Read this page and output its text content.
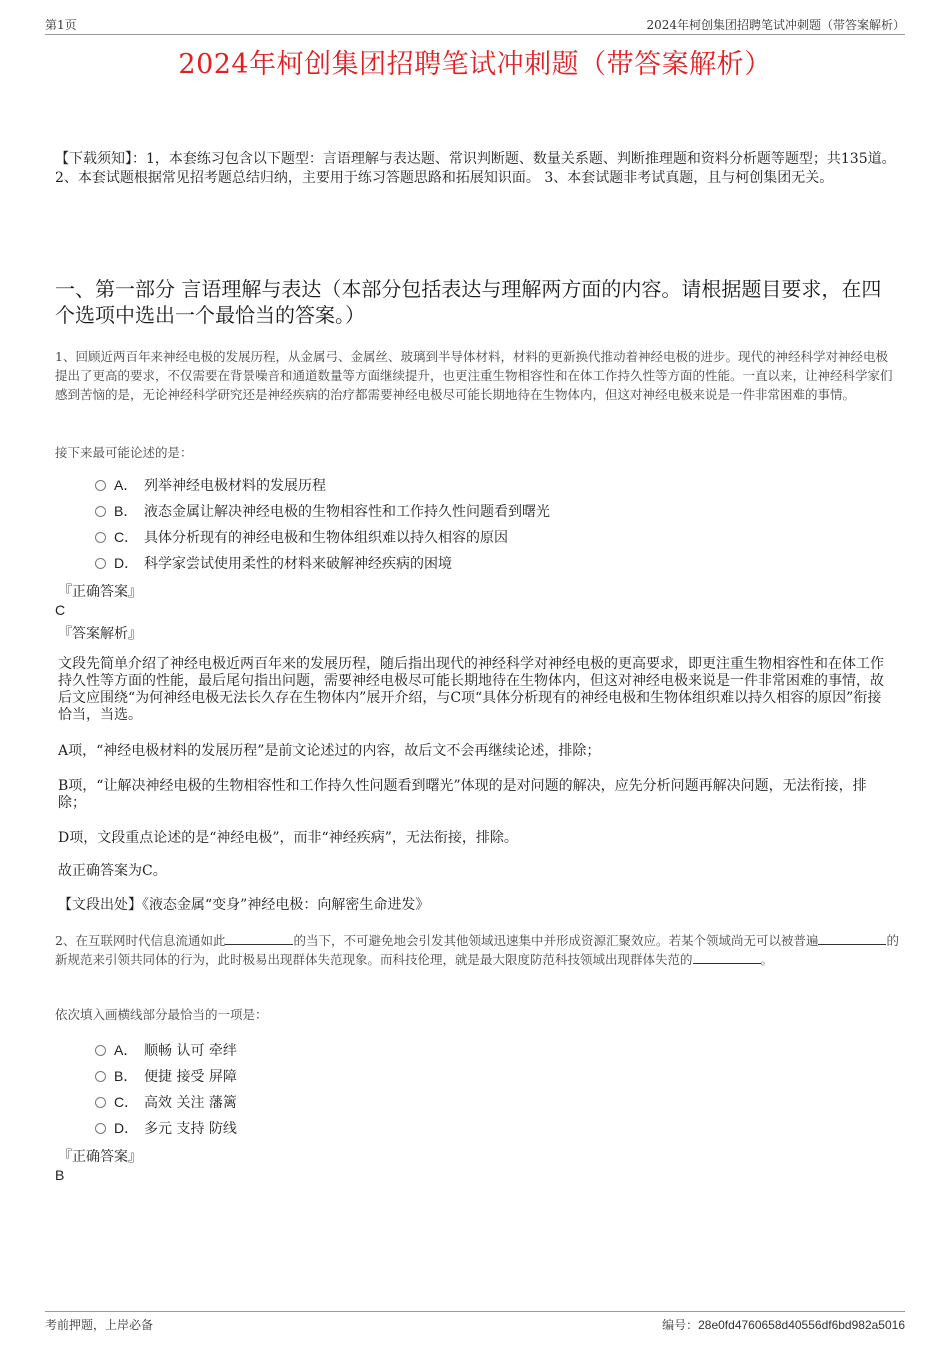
第1页	2024年柯创集团招聘笔试冲刺题（带答案解析）
2024年柯创集团招聘笔试冲刺题（带答案解析）
【下载须知】：1，本套练习包含以下题型：言语理解与表达题、常识判断题、数量关系题、判断推理题和资料分析题等题型；共135道。 2、本套试题根据常见招考题总结归纳，主要用于练习答题思路和拓展知识面。 3、本套试题非考试真题，且与柯创集团无关。
一、第一部分 言语理解与表达（本部分包括表达与理解两方面的内容。请根据题目要求，在四个选项中选出一个最恰当的答案。）
1、回顾近两百年来神经电极的发展历程，从金属弓、金属丝、玻璃到半导体材料，材料的更新换代推动着神经电极的进步。现代的神经科学对神经电极提出了更高的要求，不仅需要在背景噪音和通道数量等方面继续提升，也更注重生物相容性和在体工作持久性等方面的性能。一直以来，让神经科学家们感到苦恼的是，无论神经科学研究还是神经疾病的治疗都需要神经电极尽可能长期地待在生物体内，但这对神经电极来说是一件非常困难的事情。
接下来最可能论述的是：
A． 列举神经电极材料的发展历程
B． 液态金属让解决神经电极的生物相容性和工作持久性问题看到曙光
C． 具体分析现有的神经电极和生物体组织难以持久相容的原因
D． 科学家尝试使用柔性的材料来破解神经疾病的困境
『正确答案』
C
『答案解析』
文段先简单介绍了神经电极近两百年来的发展历程，随后指出现代的神经科学对神经电极的更高要求，即更注重生物相容性和在体工作持久性等方面的性能，最后尾句指出问题，需要神经电极尽可能长期地待在生物体内，但这对神经电极来说是一件非常困难的事情，故后文应围绕“为何神经电极无法长久存在生物体内”展开介绍，与C项“具体分析现有的神经电极和生物体组织难以持久相容的原因”衔接恰当，当选。
A项，“神经电极材料的发展历程”是前文论述过的内容，故后文不会再继续论述，排除；
B项，“让解决神经电极的生物相容性和工作持久性问题看到曙光”体现的是对问题的解决，应先分析问题再解决问题，无法衔接，排除；
D项，文段重点论述的是“神经电极”，而非“神经疾病”，无法衔接，排除。
故正确答案为C。
【文段出处】《液态金属“变身”神经电极：向解密生命进发》
2、在互联网时代信息流通如此	的当下，不可避免地会引发其他领域迅速集中并形成资源汇聚效应。若某个领域尚无可以被普遍	的新规范来引领共同体的行为，此时极易出现群体失范现象。而科技伦理，就是最大限度防范科技领域出现群体失范的	。
依次填入画横线部分最恰当的一项是：
A． 顺畅 认可 牵绊
B． 便捷 接受 屏障
C． 高效 关注 藩篱
D． 多元 支持 防线
『正确答案』
B
考前押题，上岸必备	编号：28e0fd4760658d40556df6bd982a5016
